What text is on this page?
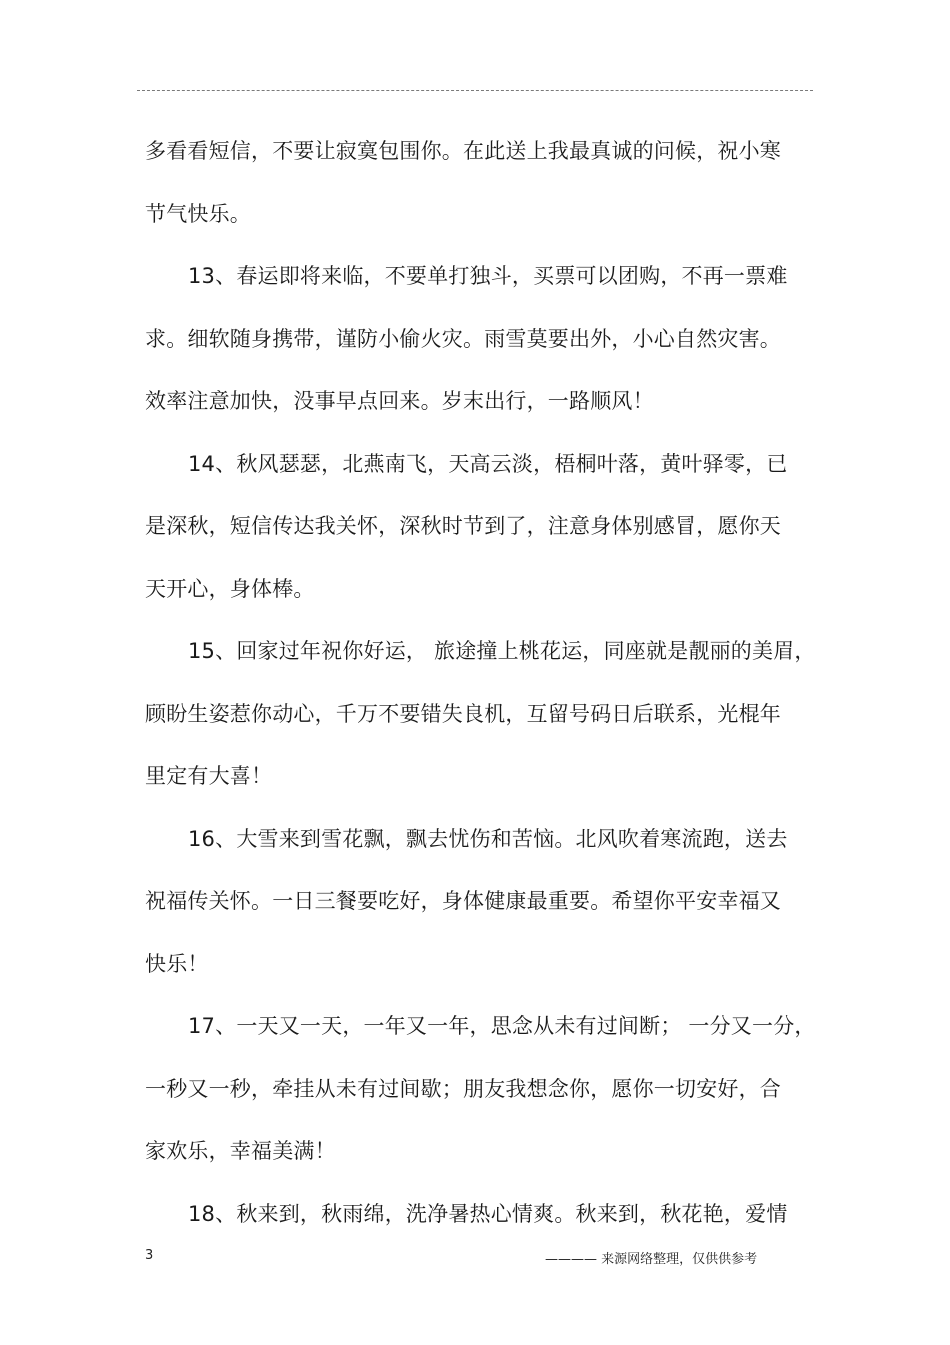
多看看短信，不要让寂寞包围你。在此送上我最真诚的问候，祝小寒
节气快乐。
13、春运即将来临，不要单打独斗，买票可以团购，不再一票难
求。细软随身携带，谨防小偷火灾。雨雪莫要出外，小心自然灾害。
效率注意加快，没事早点回来。岁末出行，一路顺风！
14、秋风瑟瑟，北燕南飞，天高云淡，梧桐叶落，黄叶驿零，已
是深秋，短信传达我关怀，深秋时节到了，注意身体别感冒，愿你天
天开心，身体棒。
15、回家过年祝你好运， 旅途撞上桃花运，同座就是靓丽的美眉，
顾盼生姿惹你动心，千万不要错失良机，互留号码日后联系，光棍年
里定有大喜！
16、大雪来到雪花飘，飘去忧伤和苦恼。北风吹着寒流跑，送去
祝福传关怀。一日三餐要吃好，身体健康最重要。希望你平安幸福又
快乐！
17、一天又一天，一年又一年，思念从未有过间断； 一分又一分，
一秒又一秒，牵挂从未有过间歇；朋友我想念你，愿你一切安好，合
家欢乐，幸福美满！
18、秋来到，秋雨绵，洗净暑热心情爽。秋来到，秋花艳，爱情
3	———— 来源网络整理，仅供供参考
